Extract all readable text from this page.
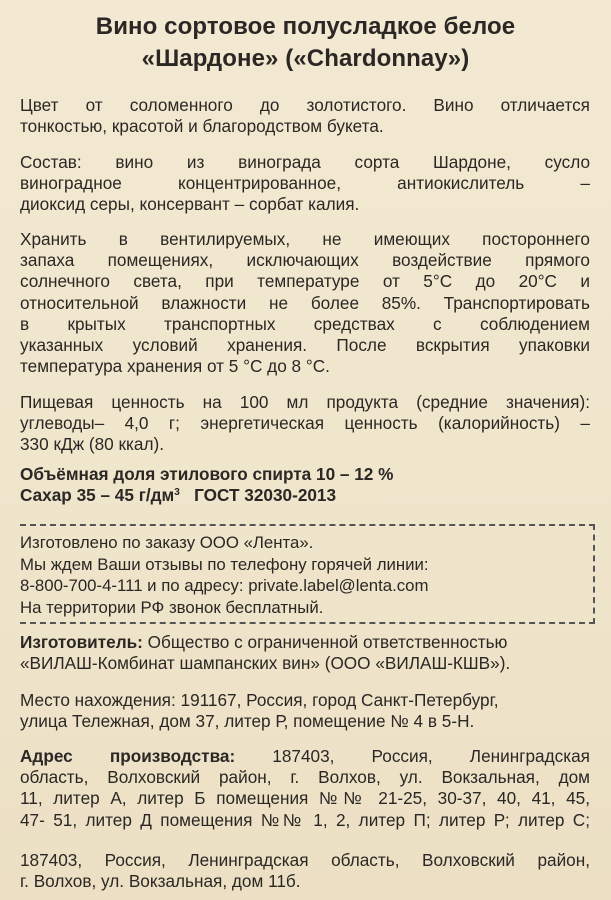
Вино сортовое полусладкое белое
«Шардоне» («Chardonnay»)
Цвет от соломенного до золотистого. Вино отличается
тонкостью, красотой и благородством букета.
Состав: вино из винограда сорта Шардоне, сусло
виноградное концентрированное, антиокислитель –
диоксид серы, консервант – сорбат калия.
Хранить в вентилируемых, не имеющих постороннего
запаха помещениях, исключающих воздействие прямого
солнечного света, при температуре от 5°С до 20°С и
относительной влажности не более 85%. Транспортировать
в крытых транспортных средствах с соблюдением
указанных условий хранения. После вскрытия упаковки
температура хранения от 5 °С до 8 °С.
Пищевая ценность на 100 мл продукта (средние значения):
углеводы– 4,0 г; энергетическая ценность (калорийность) –
330 кДж (80 ккал).
Объёмная доля этилового спирта 10 – 12 %
Сахар 35 – 45 $г/дм^3$ ГОСТ 32030-2013
Изготовлено по заказу ООО «Лента».
Мы ждем Ваши отзывы по телефону горячей линии:
8-800-700-4-111 и по адресу: private.label@lenta.com
На территории РФ звонок бесплатный.
Изготовитель: Общество с ограниченной ответственностью
«ВИЛАШ-Комбинат шампанских вин» (ООО «ВИЛАШ-КШВ»).
Место нахождения: 191167, Россия, город Санкт-Петербург,
улица Тележная, дом 37, литер Р, помещение № 4 в 5-Н.
Адрес производства: 187403, Россия, Ленинградская
область, Волховский район, г. Волхов, ул. Вокзальная, дом
11, литер А, литер Б помещения №№ 21-25, 30-37, 40, 41, 45,
47- 51, литер Д помещения №№ 1, 2, литер П; литер Р; литер С;
187403, Россия, Ленинградская область, Волховский район,
г. Волхов, ул. Вокзальная, дом 11б.
